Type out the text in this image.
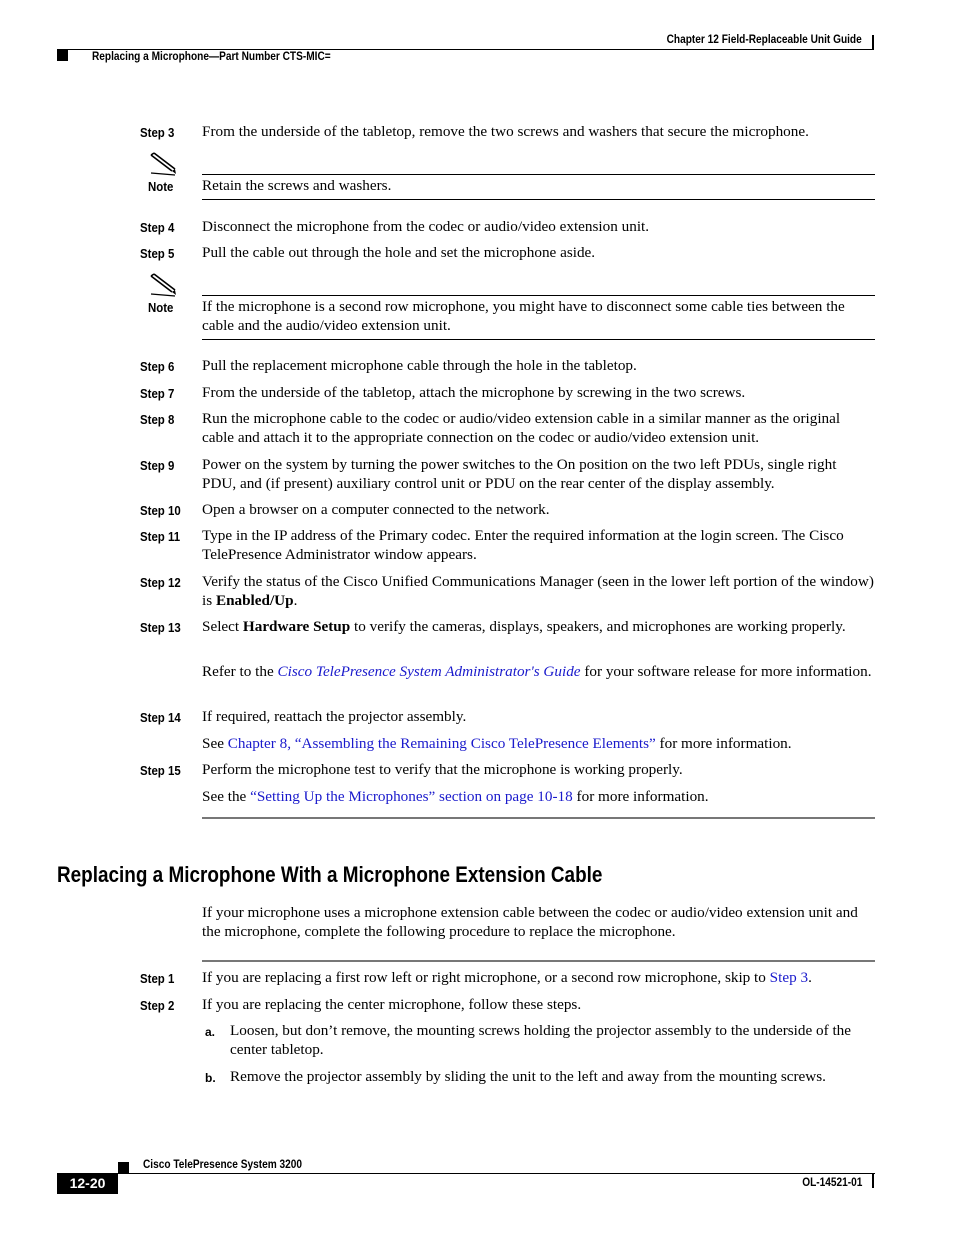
Chapter 12 Field-Replaceable Unit Guide
Replacing a Microphone—Part Number CTS-MIC=
Step 3 From the underside of the tabletop, remove the two screws and washers that secure the microphone.
Note Retain the screws and washers.
Step 4 Disconnect the microphone from the codec or audio/video extension unit.
Step 5 Pull the cable out through the hole and set the microphone aside.
Note If the microphone is a second row microphone, you might have to disconnect some cable ties between the cable and the audio/video extension unit.
Step 6 Pull the replacement microphone cable through the hole in the tabletop.
Step 7 From the underside of the tabletop, attach the microphone by screwing in the two screws.
Step 8 Run the microphone cable to the codec or audio/video extension cable in a similar manner as the original cable and attach it to the appropriate connection on the codec or audio/video extension unit.
Step 9 Power on the system by turning the power switches to the On position on the two left PDUs, single right PDU, and (if present) auxiliary control unit or PDU on the rear center of the display assembly.
Step 10 Open a browser on a computer connected to the network.
Step 11 Type in the IP address of the Primary codec. Enter the required information at the login screen. The Cisco TelePresence Administrator window appears.
Step 12 Verify the status of the Cisco Unified Communications Manager (seen in the lower left portion of the window) is Enabled/Up.
Step 13 Select Hardware Setup to verify the cameras, displays, speakers, and microphones are working properly.
Refer to the Cisco TelePresence System Administrator's Guide for your software release for more information.
Step 14 If required, reattach the projector assembly.
See Chapter 8, “Assembling the Remaining Cisco TelePresence Elements” for more information.
Step 15 Perform the microphone test to verify that the microphone is working properly.
See the “Setting Up the Microphones” section on page 10-18 for more information.
Replacing a Microphone With a Microphone Extension Cable
If your microphone uses a microphone extension cable between the codec or audio/video extension unit and the microphone, complete the following procedure to replace the microphone.
Step 1 If you are replacing a first row left or right microphone, or a second row microphone, skip to Step 3.
Step 2 If you are replacing the center microphone, follow these steps.
a. Loosen, but don’t remove, the mounting screws holding the projector assembly to the underside of the center tabletop.
b. Remove the projector assembly by sliding the unit to the left and away from the mounting screws.
Cisco TelePresence System 3200
12-20	OL-14521-01
